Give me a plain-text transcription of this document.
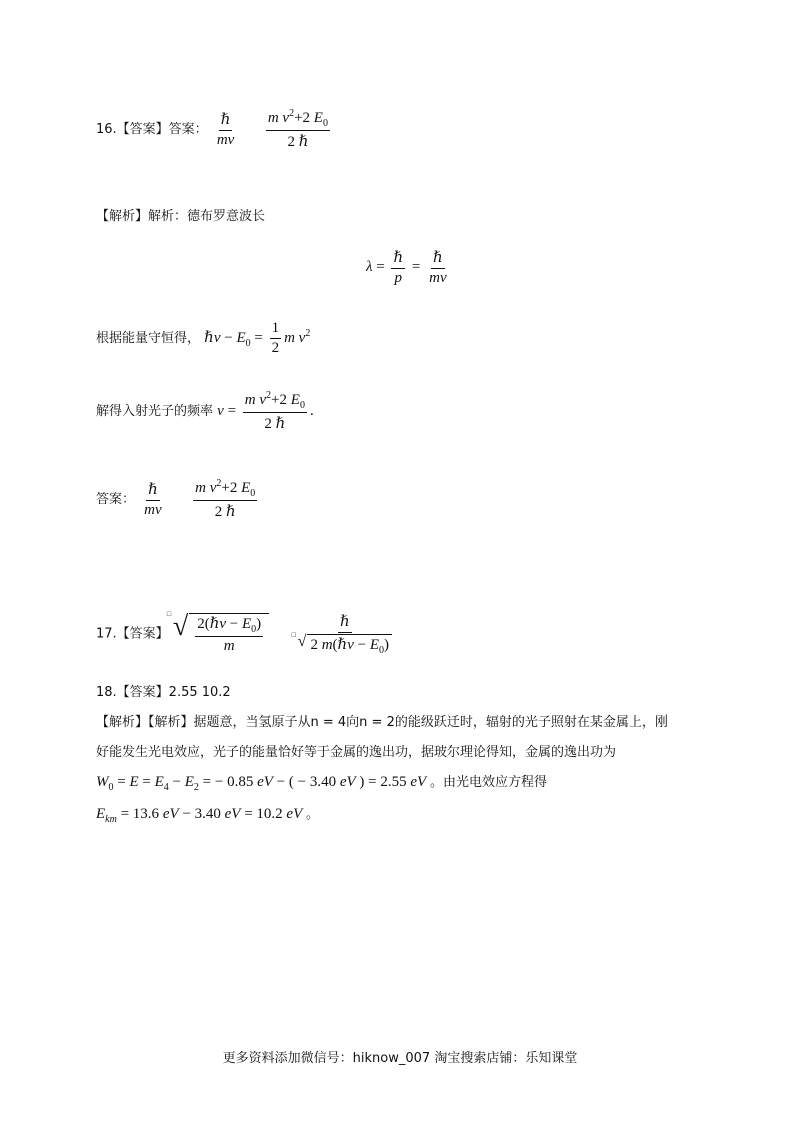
16.【答案】答案： $\frac{\text{ℏ}}{mv}$
$\frac{m v^2+2 E_0}{\text{2 ℏ}}$
【解析】解析：德布罗意波长
$\lambda = \frac{\text{ℏ}}{p} = \frac{\text{ℏ}}{mv}$
根据能量守恒得， ℏν − $E_0 = \frac{1}{2}$ m $v^2$
解得入射光子的频率 $\nu = \frac{m v^2+2 E_0}{\text{2 ℏ}}$ .
答案： $\frac{\text{ℏ}}{mv}$
$\frac{m v^2+2 E_0}{\text{2 ℏ}}$
17.【答案】
□ √ $\frac{2(\hbar\nu - E_0)}{m}$
$\frac{\text{ℏ}}{□ √ 2 m(\hbar\nu - E_0)}$
18.【答案】2.55 10.2
【解析】【解析】据题意，当氢原子从n = 4向n = 2的能级跃迁时，辐射的光子照射在某金属上，刚
好能发生光电效应，光子的能量恰好等于金属的逸出功，据玻尔理论得知，金属的逸出功为
$W_0 = E = E_4 - E_2$ = − 0.85 eV − ( − 3.40 eV ) = 2.55 eV 。由光电效应方程得
$E_{km} = 13.6$ eV − 3.40 eV = 10.2 eV 。
更多资料添加微信号：hiknow_007 淘宝搜索店铺：乐知课堂
